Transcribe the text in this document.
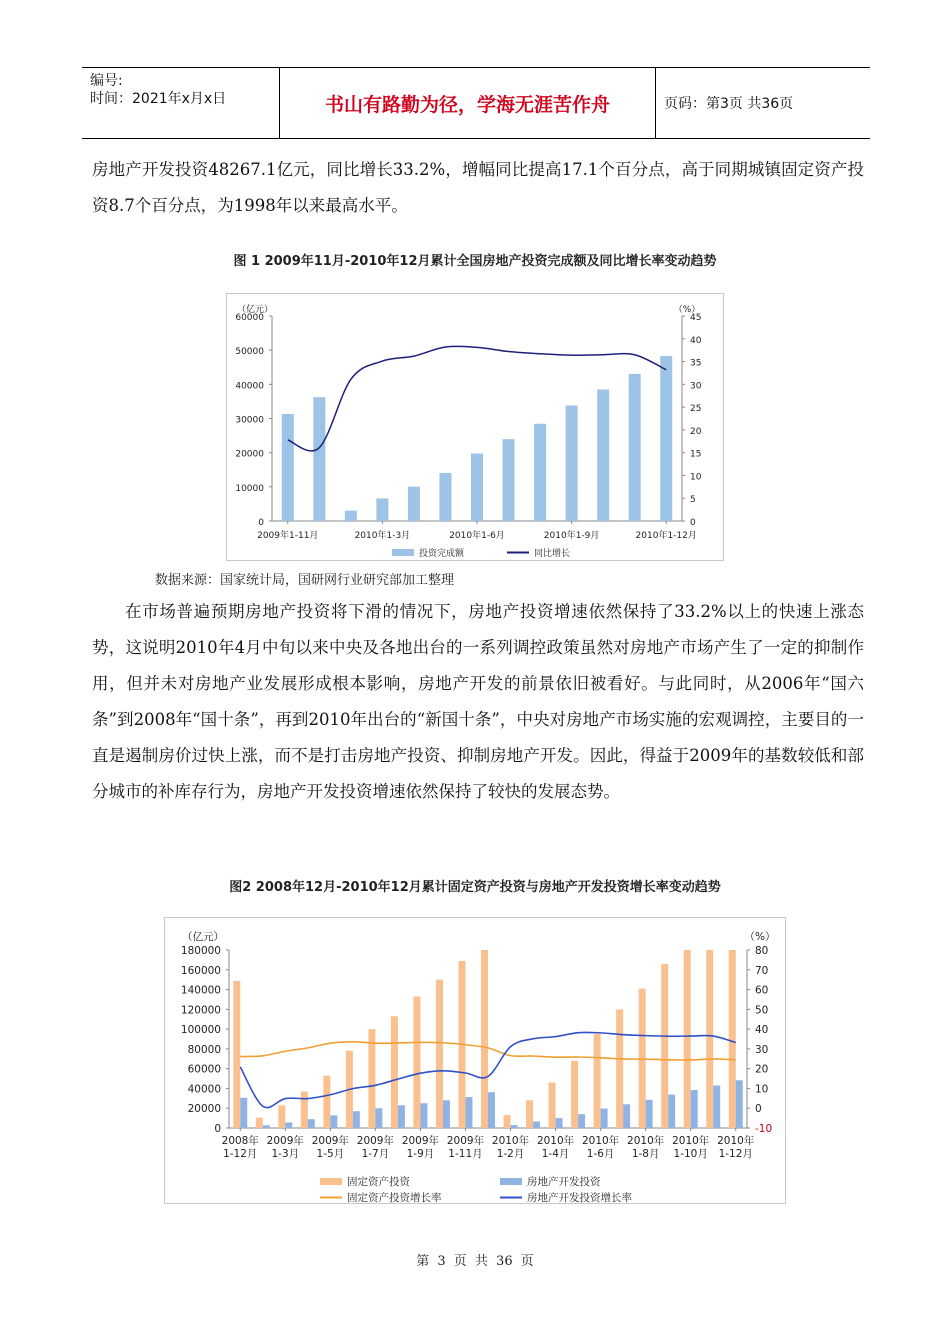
编号:
时间：2021年x月x日	书山有路勤为径，学海无涯苦作舟	页码：第3页 共36页
房地产开发投资48267.1亿元，同比增长33.2%，增幅同比提高17.1个百分点，高于同期城镇固定资产投资8.7个百分点，为1998年以来最高水平。
图 1 2009年11月-2010年12月累计全国房地产投资完成额及同比增长率变动趋势
（亿元）	（%）
0
10000
20000
30000
40000
50000
60000
0
5
10
15
20
25
30
35
40
45
2009年1-11月	2010年1-3月	2010年1-6月	2010年1-9月	2010年1-12月
投资完成额	同比增长
数据来源：国家统计局，国研网行业研究部加工整理
在市场普遍预期房地产投资将下滑的情况下，房地产投资增速依然保持了33.2%以上的快速上涨态势，这说明2010年4月中旬以来中央及各地出台的一系列调控政策虽然对房地产市场产生了一定的抑制作用，但并未对房地产业发展形成根本影响，房地产开发的前景依旧被看好。与此同时，从2006年“国六条”到2008年“国十条”，再到2010年出台的“新国十条”，中央对房地产市场实施的宏观调控，主要目的一直是遏制房价过快上涨，而不是打击房地产投资、抑制房地产开发。因此，得益于2009年的基数较低和部分城市的补库存行为，房地产开发投资增速依然保持了较快的发展态势。
图2 2008年12月-2010年12月累计固定资产投资与房地产开发投资增长率变动趋势
（亿元）	（%）
0
20000
40000
60000
80000
100000
120000
140000
160000
180000
-10
0
10
20
30
40
50
60
70
80
2008年
1-12月
2009年
1-3月
2009年
1-5月
2009年
1-7月
2009年
1-9月
2009年
1-11月
2010年
1-2月
2010年
1-4月
2010年
1-6月
2010年
1-8月
2010年
1-10月
2010年
1-12月
固定资产投资	房地产开发投资
固定资产投资增长率	房地产开发投资增长率
第 3 页 共 36 页
